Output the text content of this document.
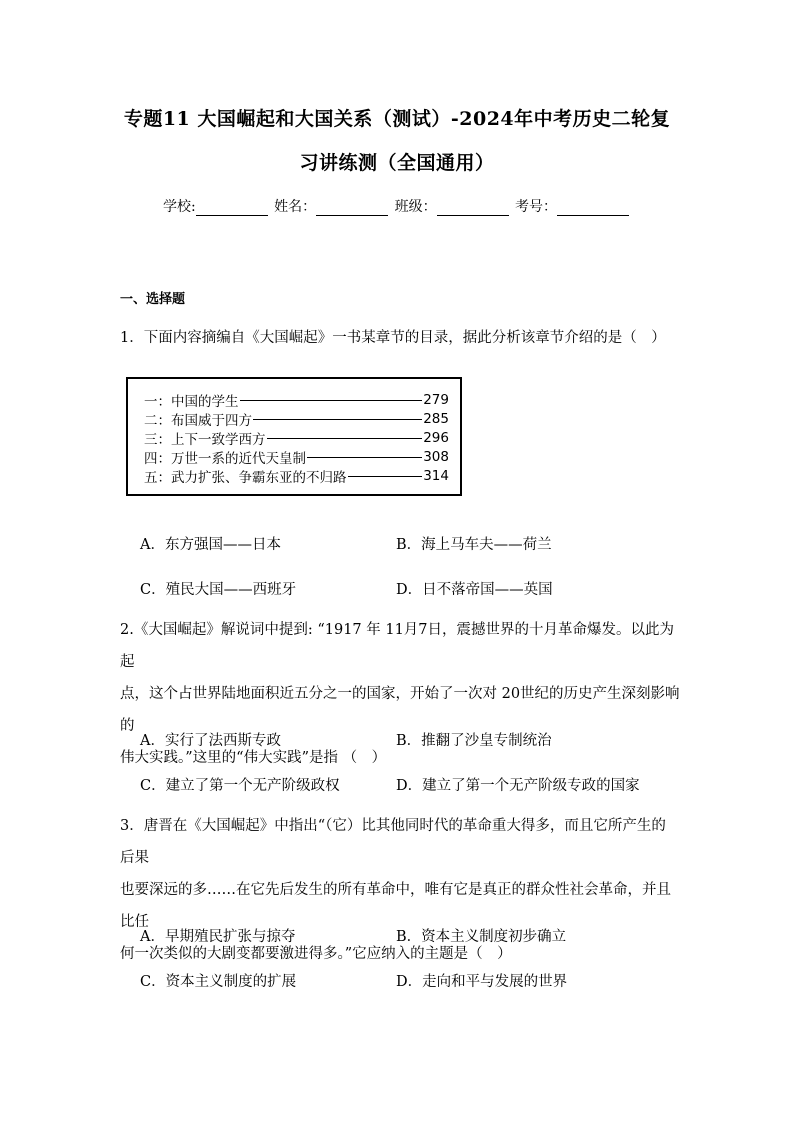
专题11 大国崛起和大国关系（测试）-2024年中考历史二轮复
习讲练测（全国通用）
学校:	姓名：	班级：	考号：
一、选择题
1．下面内容摘编自《大国崛起》一书某章节的目录，据此分析该章节介绍的是（　）
一：中国的学生	279
二：布国威于四方	285
三：上下一致学西方	296
四：万世一系的近代天皇制	308
五：武力扩张、争霸东亚的不归路	314
A．东方强国——日本	B．海上马车夫——荷兰
C．殖民大国——西班牙	D．日不落帝国——英国
2.《大国崛起》解说词中提到: “1917 年 11月7日，震撼世界的十月革命爆发。以此为起
点，这个占世界陆地面积近五分之一的国家，开始了一次对 20世纪的历史产生深刻影响的
伟大实践。”这里的“伟大实践”是指 （　）
A．实行了法西斯专政	B．推翻了沙皇专制统治
C．建立了第一个无产阶级政权	D．建立了第一个无产阶级专政的国家
3．唐晋在《大国崛起》中指出“（它）比其他同时代的革命重大得多，而且它所产生的后果
也要深远的多……在它先后发生的所有革命中，唯有它是真正的群众性社会革命，并且比任
何一次类似的大剧变都要激进得多。”它应纳入的主题是（　）
A．早期殖民扩张与掠夺	B．资本主义制度初步确立
C．资本主义制度的扩展	D．走向和平与发展的世界
